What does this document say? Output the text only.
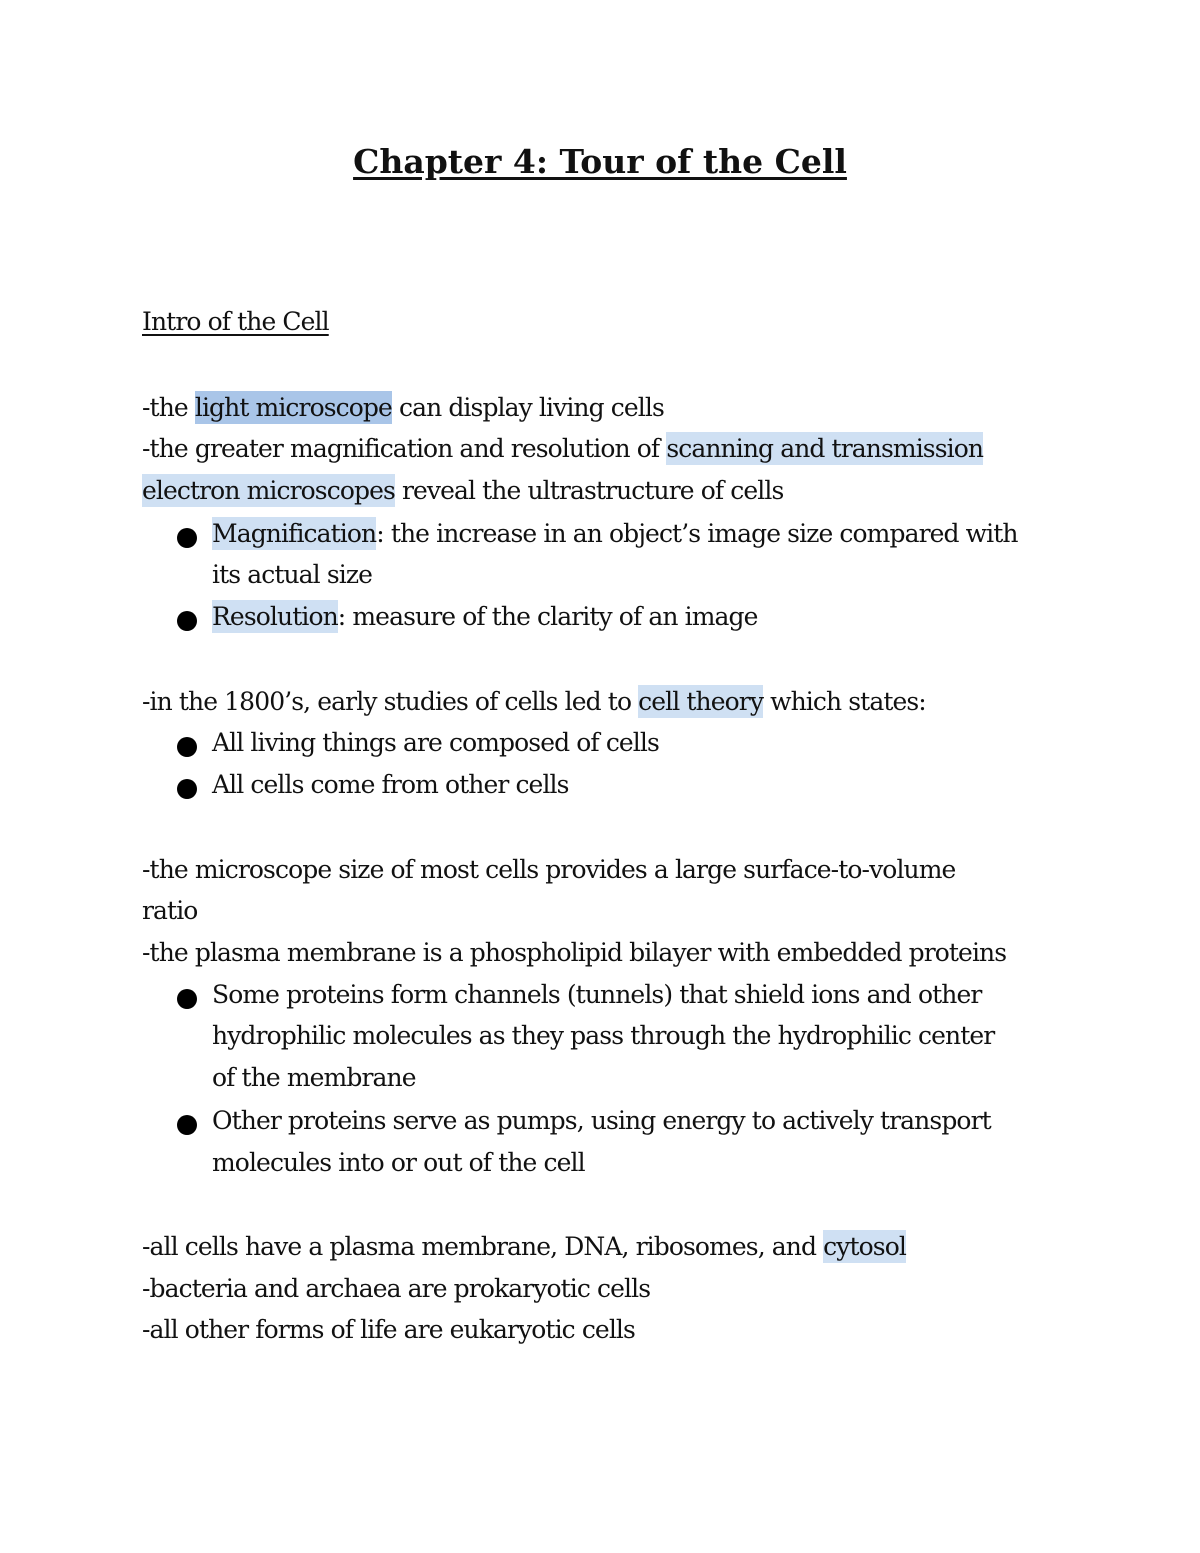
Chapter 4: Tour of the Cell
Intro of the Cell
-the light microscope can display living cells
-the greater magnification and resolution of scanning and transmission
electron microscopes reveal the ultrastructure of cells
Magnification: the increase in an object’s image size compared with
its actual size
Resolution: measure of the clarity of an image
-in the 1800’s, early studies of cells led to cell theory which states:
All living things are composed of cells
All cells come from other cells
-the microscope size of most cells provides a large surface-to-volume
ratio
-the plasma membrane is a phospholipid bilayer with embedded proteins
Some proteins form channels (tunnels) that shield ions and other
hydrophilic molecules as they pass through the hydrophilic center
of the membrane
Other proteins serve as pumps, using energy to actively transport
molecules into or out of the cell
-all cells have a plasma membrane, DNA, ribosomes, and cytosol
-bacteria and archaea are prokaryotic cells
-all other forms of life are eukaryotic cells
